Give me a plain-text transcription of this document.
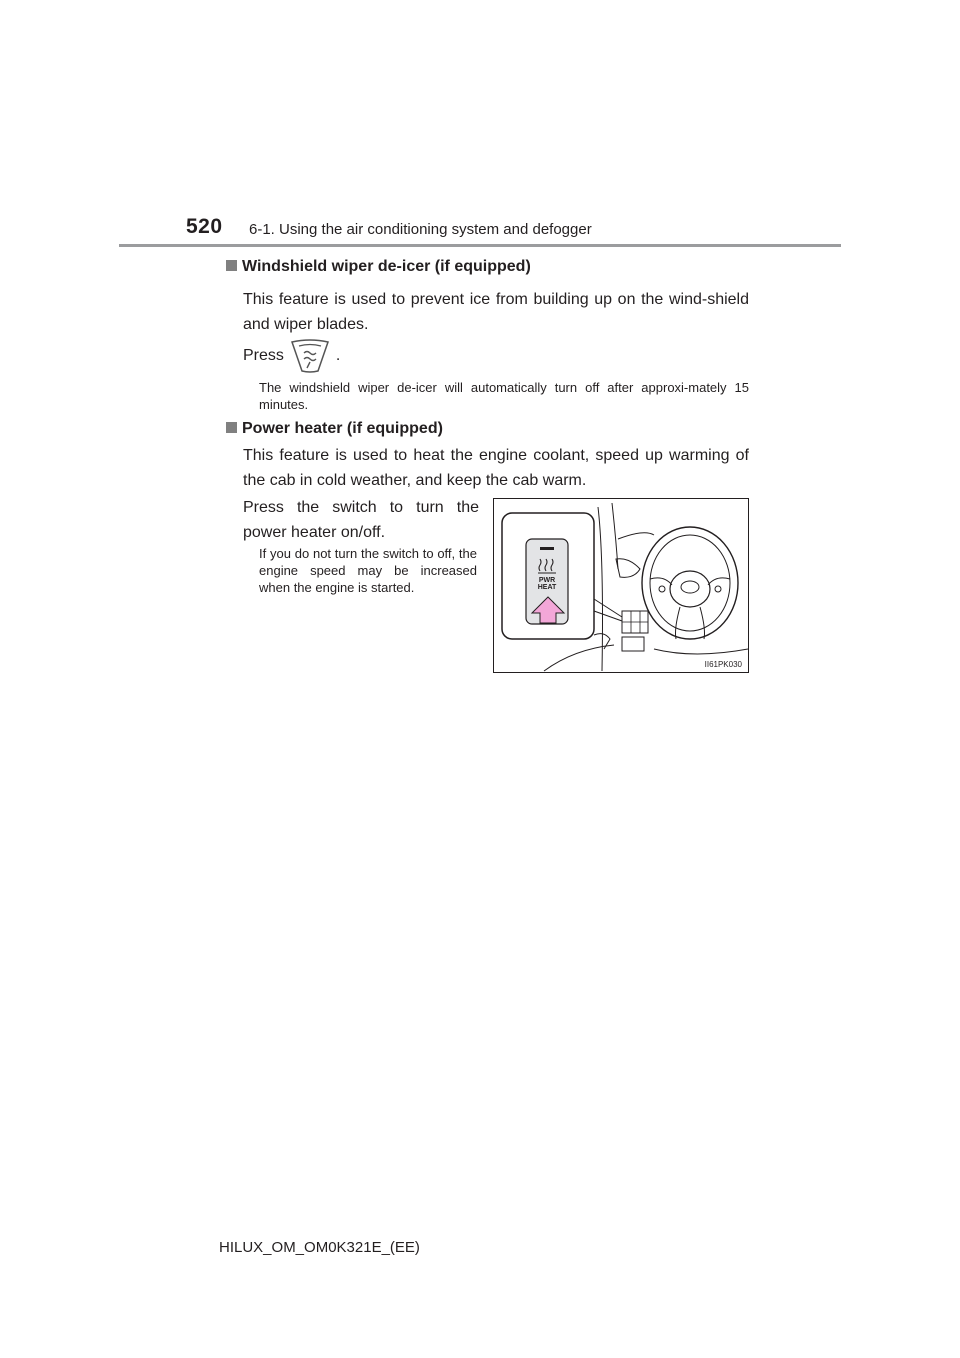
520 6-1. Using the air conditioning system and defogger
Windshield wiper de-icer (if equipped)
This feature is used to prevent ice from building up on the wind-shield and wiper blades.
Press	.
The windshield wiper de-icer will automatically turn off after approxi-mately 15 minutes.
Power heater (if equipped)
This feature is used to heat the engine coolant, speed up warming of the cab in cold weather, and keep the cab warm.
Press the switch to turn the
power heater on/off.
If you do not turn the switch to off, the engine speed may be increased when the engine is started.	PWR
HEAT
II61PK030
HILUX_OM_OM0K321E_(EE)
